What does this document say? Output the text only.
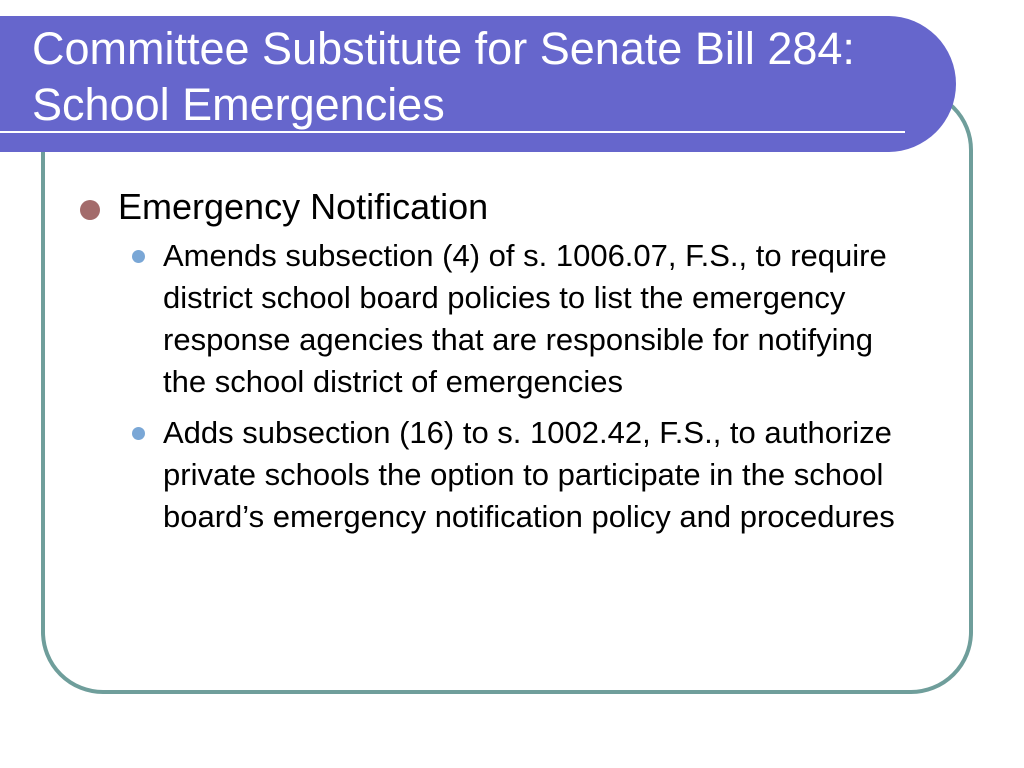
Committee Substitute for Senate Bill 284: School Emergencies
Emergency Notification
Amends subsection (4) of s. 1006.07, F.S., to require district school board policies to list the emergency response agencies that are responsible for notifying the school district of emergencies
Adds subsection (16) to s. 1002.42, F.S., to authorize private schools the option to participate in the school board’s emergency notification policy and procedures
